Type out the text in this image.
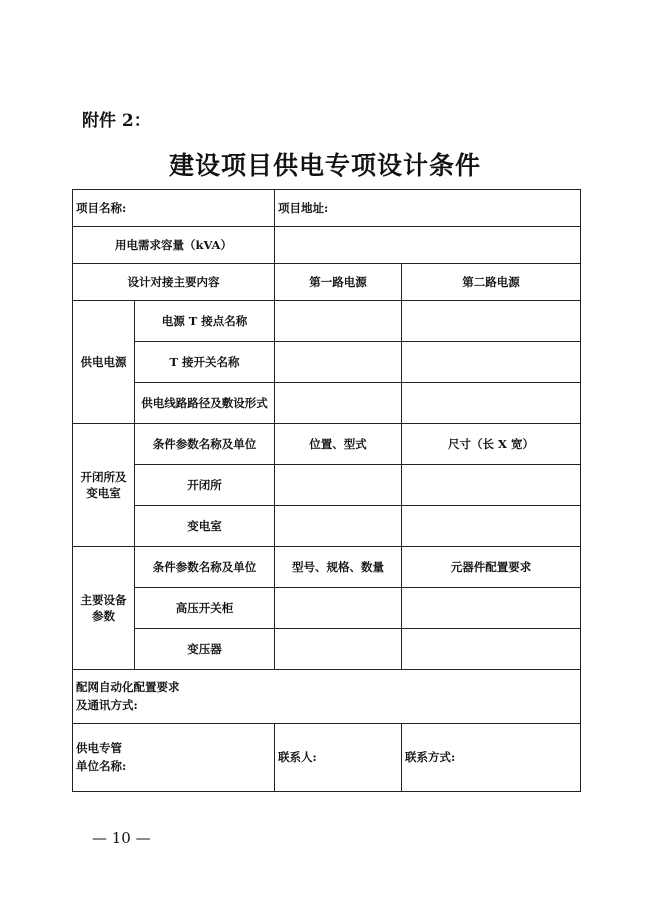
附件 2：
建设项目供电专项设计条件
项目名称:		项目地址:	
用电需求容量（kVA）			
设计对接主要内容		第一路电源	第二路电源
供电电源	电源 T 接点名称		
	T 接开关名称		
	供电线路路径及敷设形式		
开闭所及变电室	条件参数名称及单位	位置、型式	尺寸（长 X 宽）
	开闭所		
	变电室		
主要设备参数	条件参数名称及单位	型号、规格、数量	元器件配置要求
	高压开关柜		
	变压器		

配网自动化配置要求
及通讯方式:			

供电专管
单位名称:		联系人:	联系方式:
— 10 —
